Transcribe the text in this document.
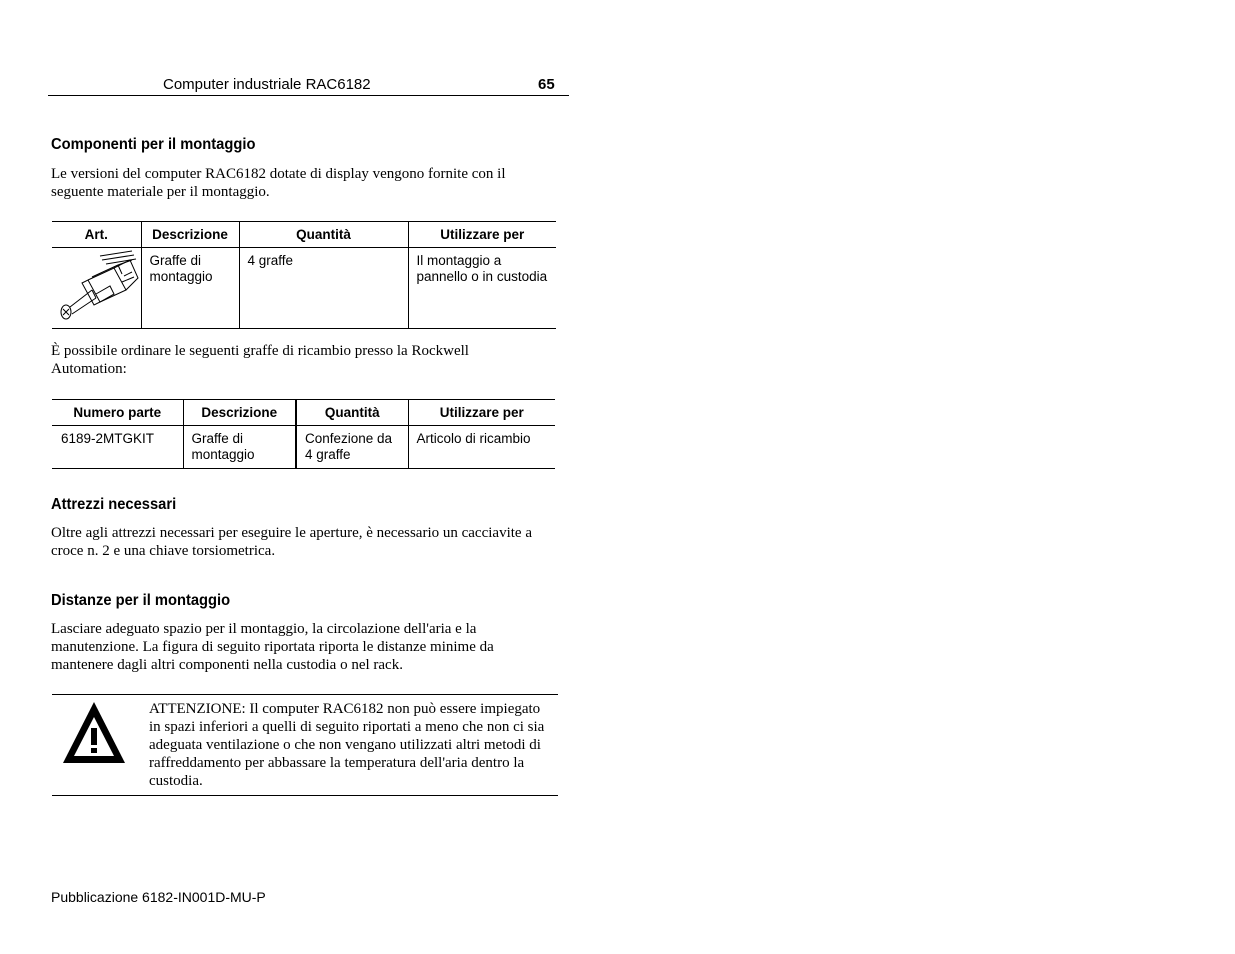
Computer industriale RAC6182	65
Componenti per il montaggio
Le versioni del computer RAC6182 dotate di display vengono fornite con il seguente materiale per il montaggio.
Art.	Descrizione	Quantità	Utilizzare per
	Graffe di montaggio	4 graffe	Il montaggio a pannello o in custodia
È possibile ordinare le seguenti graffe di ricambio presso la Rockwell Automation:
Numero parte	Descrizione	Quantità	Utilizzare per
6189-2MTGKIT	Graffe di montaggio	Confezione da 4 graffe	Articolo di ricambio
Attrezzi necessari
Oltre agli attrezzi necessari per eseguire le aperture, è necessario un cacciavite a croce n. 2 e una chiave torsiometrica.
Distanze per il montaggio
Lasciare adeguato spazio per il montaggio, la circolazione dell'aria e la manutenzione. La figura di seguito riportata riporta le distanze minime da mantenere dagli altri componenti nella custodia o nel rack.
ATTENZIONE: Il computer RAC6182 non può essere impiegato in spazi inferiori a quelli di seguito riportati a meno che non ci sia adeguata ventilazione o che non vengano utilizzati altri metodi di raffreddamento per abbassare la temperatura dell'aria dentro la custodia.
Pubblicazione 6182-IN001D-MU-P
